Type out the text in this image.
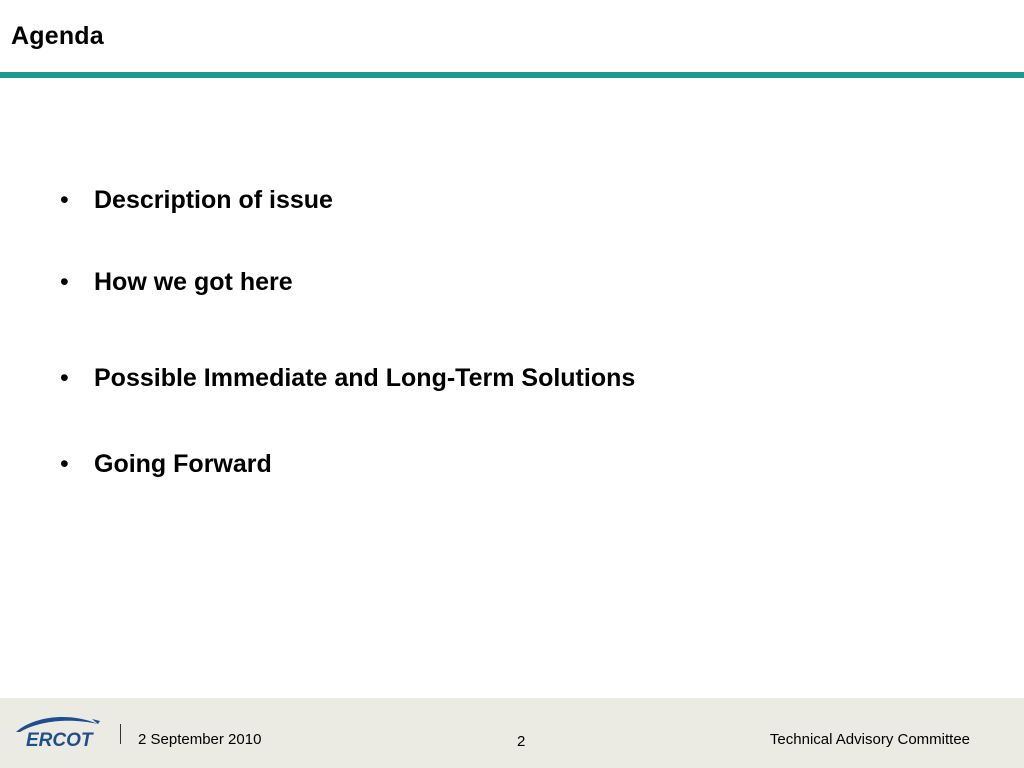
Agenda
• Description of issue
• How we got here
• Possible Immediate and Long-Term Solutions
• Going Forward
ERCOT	2 September 2010	2	Technical Advisory Committee
